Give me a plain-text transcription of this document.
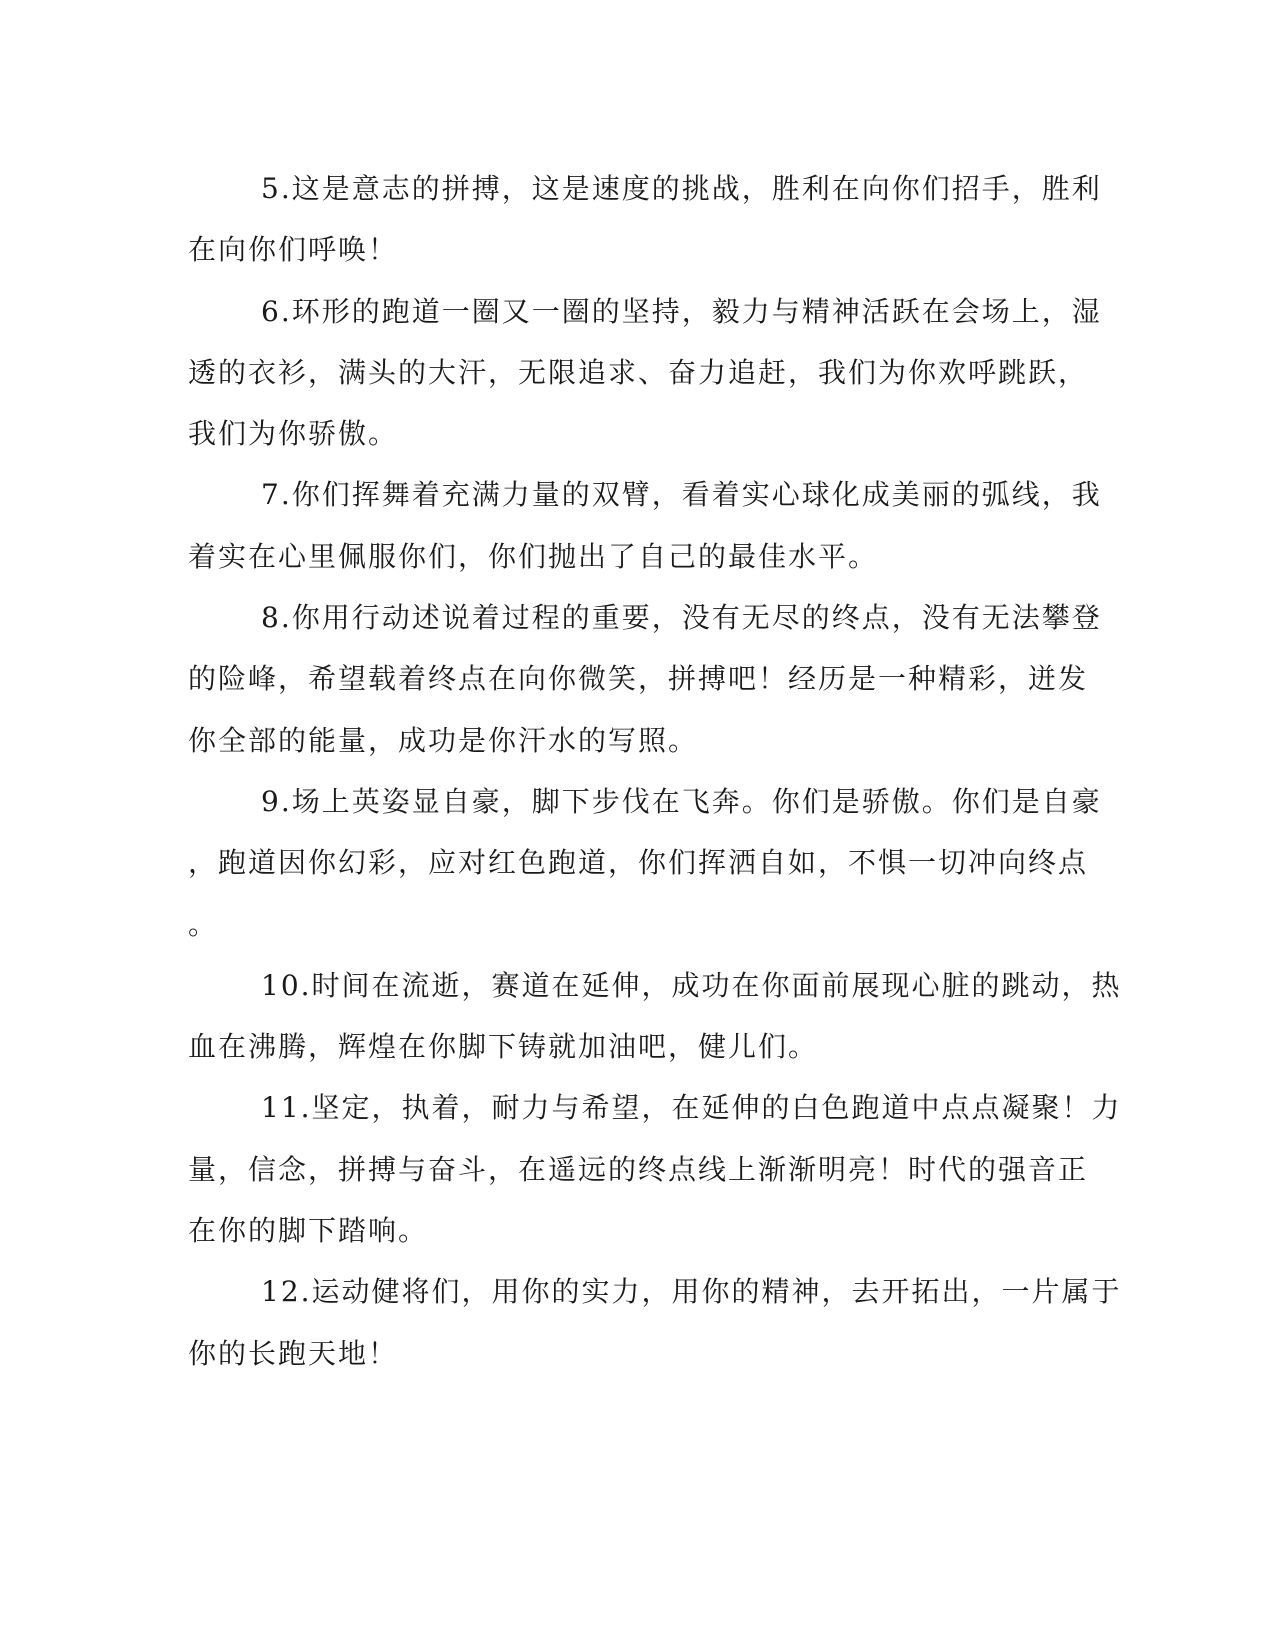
5.这是意志的拼搏，这是速度的挑战，胜利在向你们招手，胜利
在向你们呼唤！
6.环形的跑道一圈又一圈的坚持，毅力与精神活跃在会场上，湿
透的衣衫，满头的大汗，无限追求、奋力追赶，我们为你欢呼跳跃，
我们为你骄傲。
7.你们挥舞着充满力量的双臂，看着实心球化成美丽的弧线，我
着实在心里佩服你们，你们抛出了自己的最佳水平。
8.你用行动述说着过程的重要，没有无尽的终点，没有无法攀登
的险峰，希望载着终点在向你微笑，拼搏吧！经历是一种精彩，迸发
你全部的能量，成功是你汗水的写照。
9.场上英姿显自豪，脚下步伐在飞奔。你们是骄傲。你们是自豪
，跑道因你幻彩，应对红色跑道，你们挥洒自如，不惧一切冲向终点
。
10.时间在流逝，赛道在延伸，成功在你面前展现心脏的跳动，热
血在沸腾，辉煌在你脚下铸就加油吧，健儿们。
11.坚定，执着，耐力与希望，在延伸的白色跑道中点点凝聚！力
量，信念，拼搏与奋斗，在遥远的终点线上渐渐明亮！时代的强音正
在你的脚下踏响。
12.运动健将们，用你的实力，用你的精神，去开拓出，一片属于
你的长跑天地！
